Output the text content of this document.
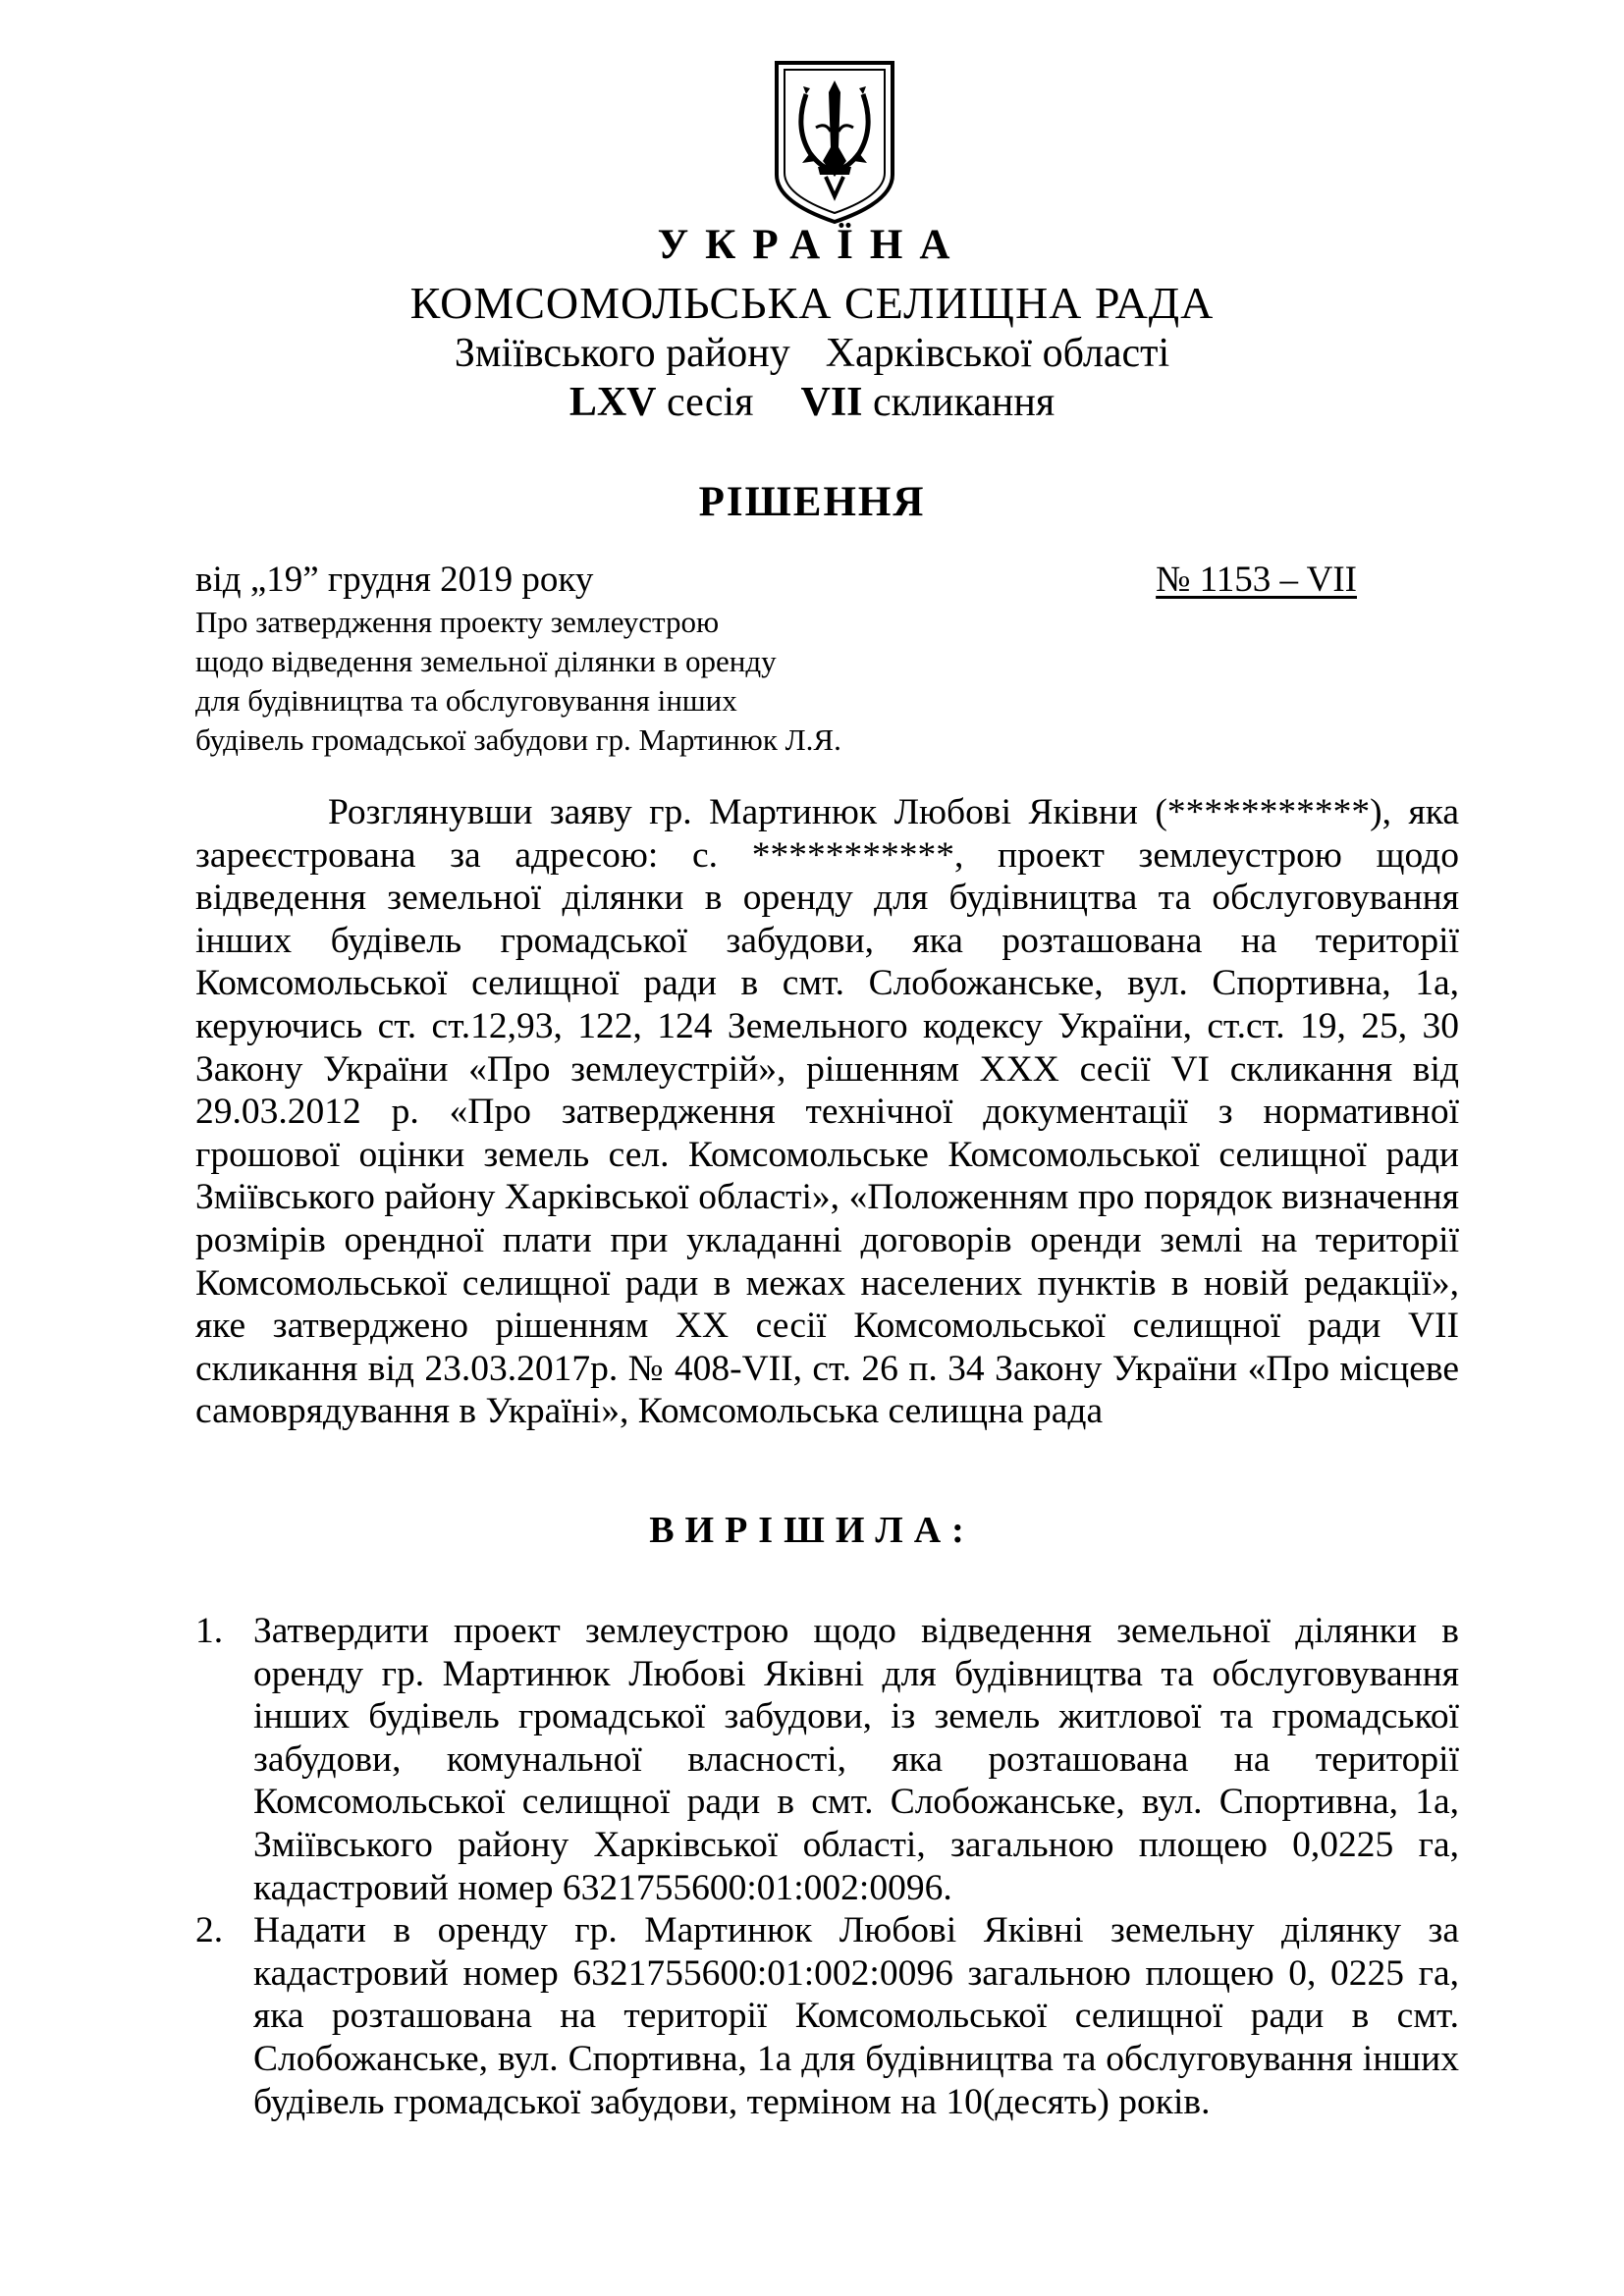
УКРАЇНА
КОМСОМОЛЬСЬКА СЕЛИЩНА РАДА
Зміївського району Харківської області
LXV сесія VII скликання
РІШЕННЯ
від „19” грудня 2019 року	№ 1153 – VII
Про затвердження проекту землеустрою
щодо відведення земельної ділянки в оренду
для будівництва та обслуговування інших
будівель громадської забудови гр. Мартинюк Л.Я.

Розглянувши заяву гр. Мартинюк Любові Яківни (***********), яка зареєстрована за адресою: с. ***********, проект землеустрою щодо відведення земельної ділянки в оренду для будівництва та обслуговування інших будівель громадської забудови, яка розташована на території Комсомольської селищної ради в смт. Слобожанське, вул. Спортивна, 1а, керуючись ст. ст.12,93, 122, 124 Земельного кодексу України, ст.ст. 19, 25, 30 Закону України «Про землеустрій», рішенням XXX сесії VI скликання від 29.03.2012 р. «Про затвердження технічної документації з нормативної грошової оцінки земель сел. Комсомольське Комсомольської селищної ради Зміївського району Харківської області», «Положенням про порядок визначення розмірів орендної плати при укладанні договорів оренди землі на території Комсомольської селищної ради в межах населених пунктів в новій редакції», яке затверджено рішенням XX сесії Комсомольської селищної ради VII скликання від 23.03.2017р. № 408-VII, ст. 26 п. 34 Закону України «Про місцеве самоврядування в Україні», Комсомольська селищна рада

ВИРІШИЛА:
1. Затвердити проект землеустрою щодо відведення земельної ділянки в оренду гр. Мартинюк Любові Яківні для будівництва та обслуговування інших будівель громадської забудови, із земель житлової та громадської забудови, комунальної власності, яка розташована на території Комсомольської селищної ради в смт. Слобожанське, вул. Спортивна, 1а, Зміївського району Харківської області, загальною площею 0,0225 га, кадастровий номер 6321755600:01:002:0096.
2. Надати в оренду гр. Мартинюк Любові Яківні земельну ділянку за кадастровий номер 6321755600:01:002:0096 загальною площею 0, 0225 га, яка розташована на території Комсомольської селищної ради в смт. Слобожанське, вул. Спортивна, 1а для будівництва та обслуговування інших будівель громадської забудови, терміном на 10(десять) років.
